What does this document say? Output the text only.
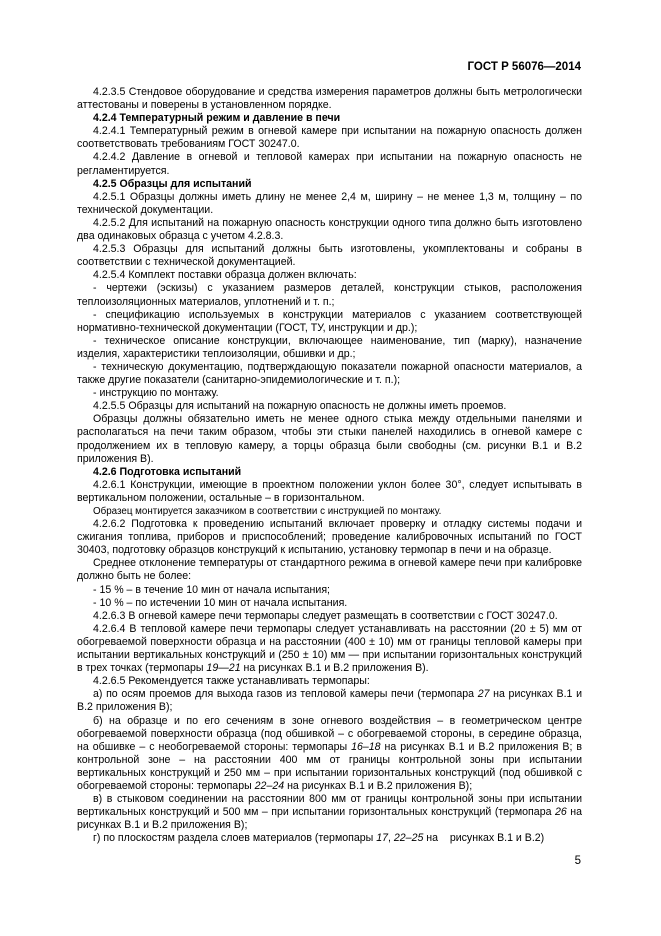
ГОСТ Р 56076—2014

4.2.3.5 Стендовое оборудование и средства измерения параметров должны быть метрологически аттестованы и поверены в установленном порядке.

4.2.4 Температурный режим и давление в печи

4.2.4.1 Температурный режим в огневой камере при испытании на пожарную опасность должен соответствовать требованиям ГОСТ 30247.0.

4.2.4.2 Давление в огневой и тепловой камерах при испытании на пожарную опасность не регламентируется.

4.2.5 Образцы для испытаний

4.2.5.1 Образцы должны иметь длину не менее 2,4 м, ширину – не менее 1,3 м, толщину – по технической документации.

4.2.5.2 Для испытаний на пожарную опасность конструкции одного типа должно быть изготовлено два одинаковых образца с учетом 4.2.8.3.

4.2.5.3 Образцы для испытаний должны быть изготовлены, укомплектованы и собраны в соответствии с технической документацией.

4.2.5.4 Комплект поставки образца должен включать:

- чертежи (эскизы) с указанием размеров деталей, конструкции стыков, расположения теплоизоляционных материалов, уплотнений и т. п.;

- спецификацию используемых в конструкции материалов с указанием соответствующей нормативно-технической документации (ГОСТ, ТУ, инструкции и др.);

- техническое описание конструкции, включающее наименование, тип (марку), назначение изделия, характеристики теплоизоляции, обшивки и др.;

- техническую документацию, подтверждающую показатели пожарной опасности материалов, а также другие показатели (санитарно-эпидемиологические и т. п.);

- инструкцию по монтажу.

4.2.5.5 Образцы для испытаний на пожарную опасность не должны иметь проемов.

Образцы должны обязательно иметь не менее одного стыка между отдельными панелями и располагаться на печи таким образом, чтобы эти стыки панелей находились в огневой камере с продолжением их в тепловую камеру, а торцы образца были свободны (см. рисунки В.1 и В.2 приложения В).

4.2.6 Подготовка испытаний

4.2.6.1 Конструкции, имеющие в проектном положении уклон более 30°, следует испытывать в вертикальном положении, остальные – в горизонтальном.

Образец монтируется заказчиком в соответствии с инструкцией по монтажу.

4.2.6.2 Подготовка к проведению испытаний включает проверку и отладку системы подачи и сжигания топлива, приборов и приспособлений; проведение калибровочных испытаний по ГОСТ 30403, подготовку образцов конструкций к испытанию, установку термопар в печи и на образце.

Среднее отклонение температуры от стандартного режима в огневой камере печи при калибровке должно быть не более:

- 15 % – в течение 10 мин от начала испытания;

- 10 % – по истечении 10 мин от начала испытания.

4.2.6.3 В огневой камере печи термопары следует размещать в соответствии с ГОСТ 30247.0.

4.2.6.4 В тепловой камере печи термопары следует устанавливать на расстоянии (20 ± 5) мм от обогреваемой поверхности образца и на расстоянии (400 ± 10) мм от границы тепловой камеры при испытании вертикальных конструкций и (250 ± 10) мм — при испытании горизонтальных конструкций в трех точках (термопары 19—21 на рисунках В.1 и В.2 приложения В).

4.2.6.5 Рекомендуется также устанавливать термопары:

а) по осям проемов для выхода газов из тепловой камеры печи (термопара 27 на рисунках В.1 и В.2 приложения В);

б) на образце и по его сечениям в зоне огневого воздействия – в геометрическом центре обогреваемой поверхности образца (под обшивкой – с обогреваемой стороны, в середине образца, на обшивке – с необогреваемой стороны: термопары 16–18 на рисунках В.1 и В.2 приложения В; в контрольной зоне – на расстоянии 400 мм от границы контрольной зоны при испытании вертикальных конструкций и 250 мм – при испытании горизонтальных конструкций (под обшивкой с обогреваемой стороны: термопары 22–24 на рисунках В.1 и В.2 приложения В);

в) в стыковом соединении на расстоянии 800 мм от границы контрольной зоны при испытании вертикальных конструкций и 500 мм – при испытании горизонтальных конструкций (термопара 26 на рисунках В.1 и В.2 приложения В);

г) по плоскостям раздела слоев материалов (термопары 17, 22–25 на    рисунках В.1 и В.2)

5
